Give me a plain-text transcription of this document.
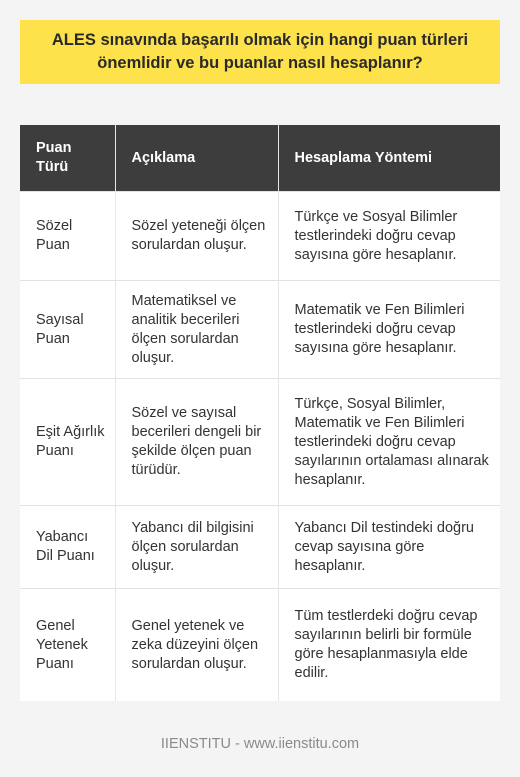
ALES sınavında başarılı olmak için hangi puan türleri önemlidir ve bu puanlar nasıl hesaplanır?
Puan Türü	Açıklama	Hesaplama Yöntemi
Sözel Puan	Sözel yeteneği ölçen sorulardan oluşur.	Türkçe ve Sosyal Bilimler testlerindeki doğru cevap sayısına göre hesaplanır.
Sayısal Puan	Matematiksel ve analitik becerileri ölçen sorulardan oluşur.	Matematik ve Fen Bilimleri testlerindeki doğru cevap sayısına göre hesaplanır.
Eşit Ağırlık Puanı	Sözel ve sayısal becerileri dengeli bir şekilde ölçen puan türüdür.	Türkçe, Sosyal Bilimler, Matematik ve Fen Bilimleri testlerindeki doğru cevap sayılarının ortalaması alınarak hesaplanır.
Yabancı Dil Puanı	Yabancı dil bilgisini ölçen sorulardan oluşur.	Yabancı Dil testindeki doğru cevap sayısına göre hesaplanır.
Genel Yetenek Puanı	Genel yetenek ve zeka düzeyini ölçen sorulardan oluşur.	Tüm testlerdeki doğru cevap sayılarının belirli bir formüle göre hesaplanmasıyla elde edilir.
IIENSTITU - www.iienstitu.com
